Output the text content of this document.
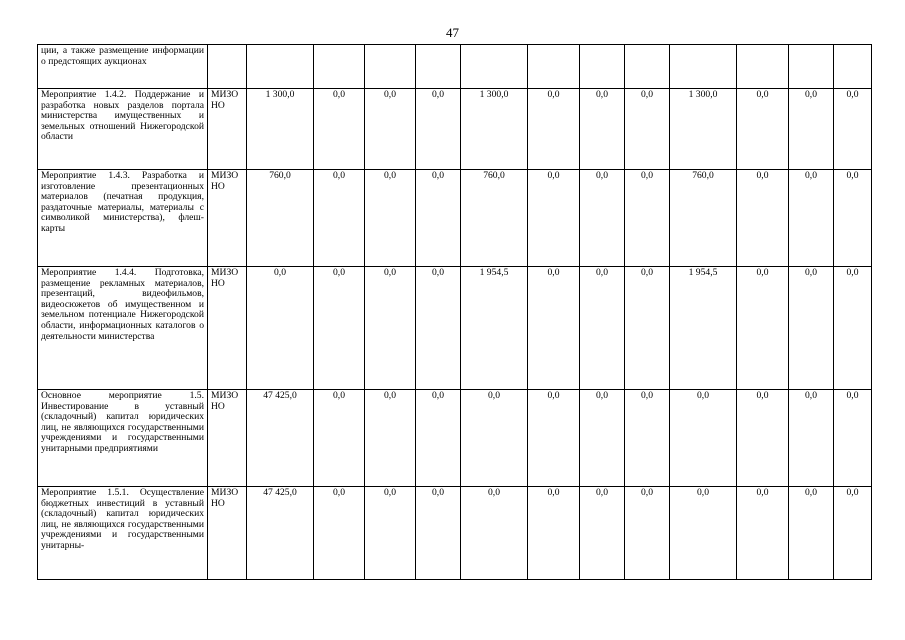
47
ции, а также размещение информации о предстоящих аукционах													
Мероприятие 1.4.2. Поддержание и разработка новых разделов портала министерства имущественных и земельных отношений Нижегородской области	МИЗО НО	1 300,0	0,0	0,0	0,0	1 300,0	0,0	0,0	0,0	1 300,0	0,0	0,0	0,0
Мероприятие 1.4.3. Разработка и изготовление презентационных материалов (печатная продукция, раздаточные материалы, материалы с символикой министерства), флеш-карты	МИЗО НО	760,0	0,0	0,0	0,0	760,0	0,0	0,0	0,0	760,0	0,0	0,0	0,0
Мероприятие 1.4.4. Подготовка, размещение рекламных материалов, презентаций, видеофильмов, видеосюжетов об имущественном и земельном потенциале Нижегородской области, информационных каталогов о деятельности министерства	МИЗО НО	0,0	0,0	0,0	0,0	1 954,5	0,0	0,0	0,0	1 954,5	0,0	0,0	0,0
Основное мероприятие 1.5. Инвестирование в уставный (складочный) капитал юридических лиц, не являющихся государственными учреждениями и государственными унитарными предприятиями	МИЗО НО	47 425,0	0,0	0,0	0,0	0,0	0,0	0,0	0,0	0,0	0,0	0,0	0,0
Мероприятие 1.5.1. Осуществление бюджетных инвестиций в уставный (складочный) капитал юридических лиц, не являющихся государственными учреждениями и государственными унитарны-	МИЗО НО	47 425,0	0,0	0,0	0,0	0,0	0,0	0,0	0,0	0,0	0,0	0,0	0,0
